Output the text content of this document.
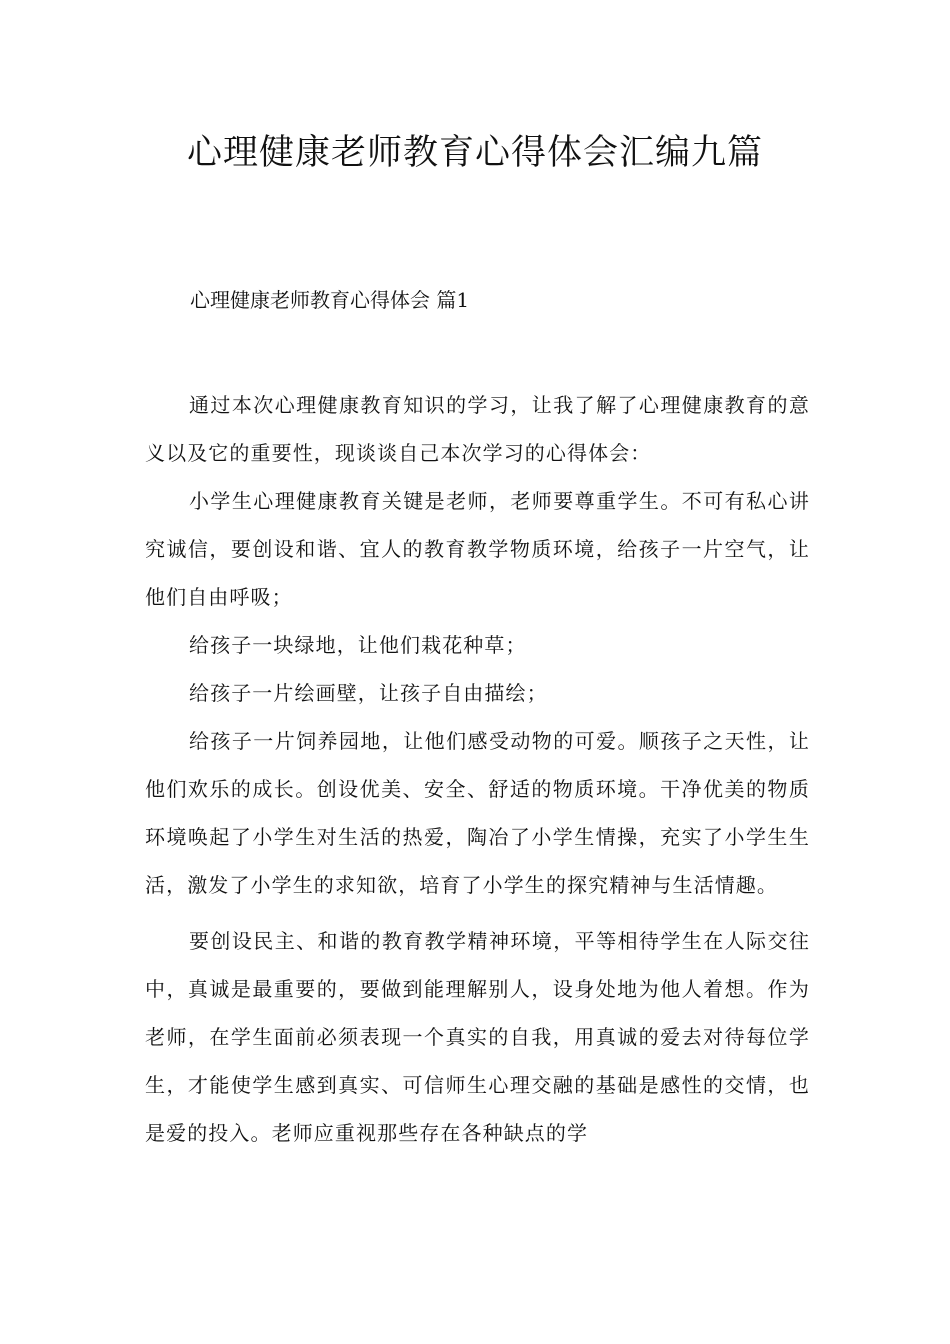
心理健康老师教育心得体会汇编九篇
心理健康老师教育心得体会 篇1

通过本次心理健康教育知识的学习，让我了解了心理健康教育的意义以及它的重要性，现谈谈自己本次学习的心得体会：

小学生心理健康教育关键是老师，老师要尊重学生。不可有私心讲究诚信，要创设和谐、宜人的教育教学物质环境，给孩子一片空气，让他们自由呼吸；

给孩子一块绿地，让他们栽花种草；

给孩子一片绘画壁，让孩子自由描绘；

给孩子一片饲养园地，让他们感受动物的可爱。顺孩子之天性，让他们欢乐的成长。创设优美、安全、舒适的物质环境。干净优美的物质环境唤起了小学生对生活的热爱，陶冶了小学生情操，充实了小学生生活，激发了小学生的求知欲，培育了小学生的探究精神与生活情趣。

要创设民主、和谐的教育教学精神环境，平等相待学生在人际交往中，真诚是最重要的，要做到能理解别人，设身处地为他人着想。作为老师，在学生面前必须表现一个真实的自我，用真诚的爱去对待每位学生，才能使学生感到真实、可信师生心理交融的基础是感性的交情，也是爱的投入。老师应重视那些存在各种缺点的学
